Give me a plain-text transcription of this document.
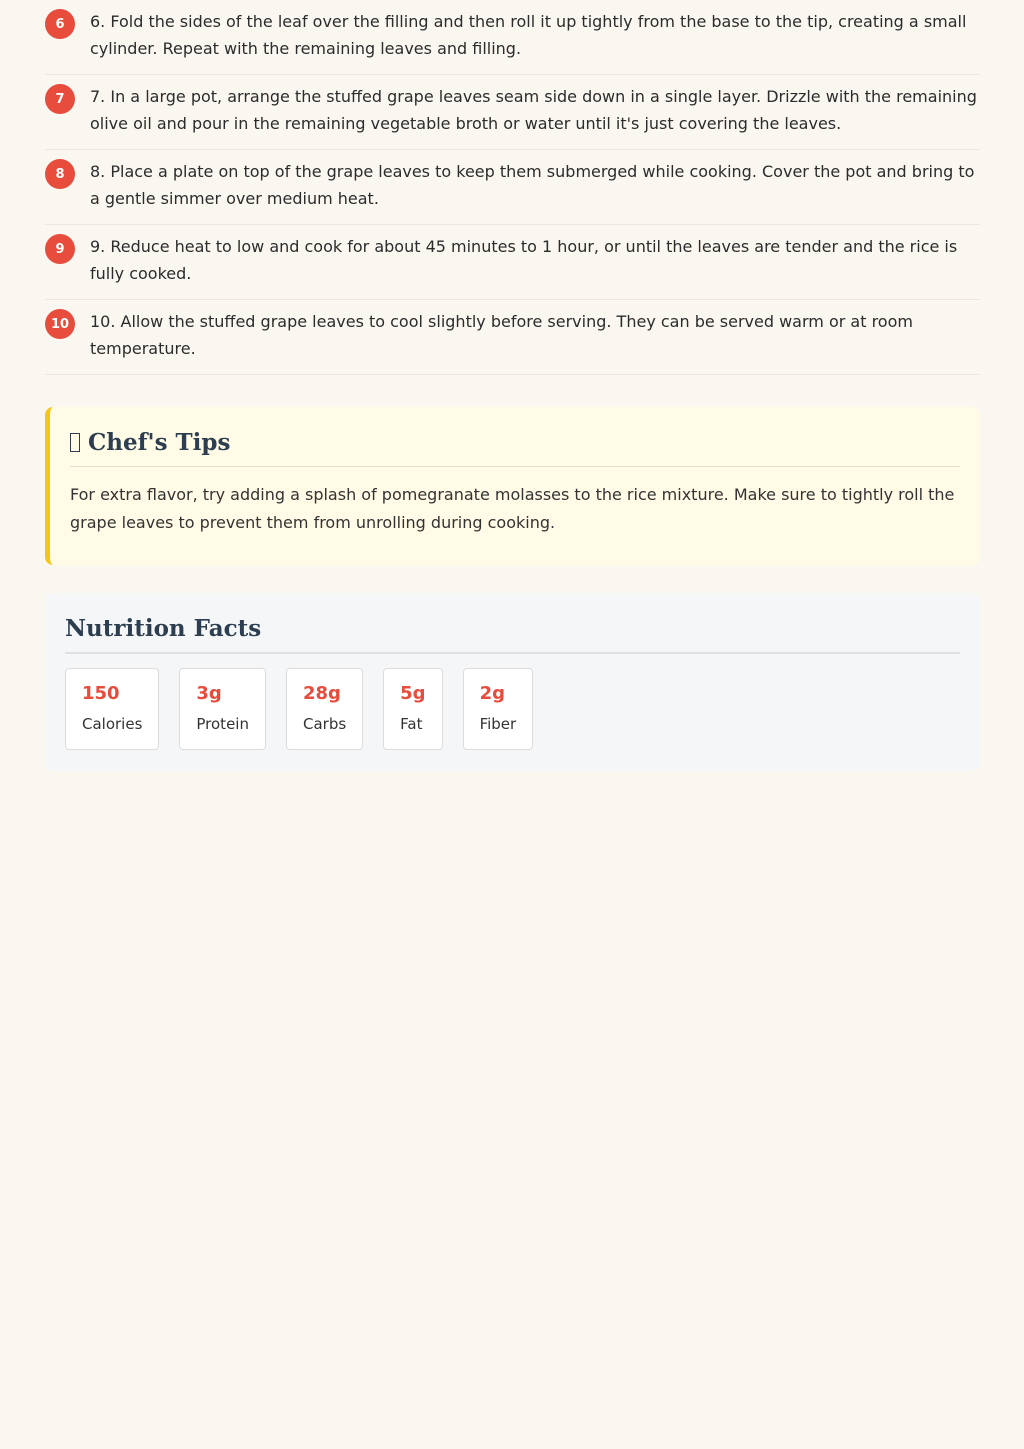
6	6. Fold the sides of the leaf over the filling and then roll it up tightly from the base to the tip, creating a small cylinder. Repeat with the remaining leaves and filling.
7	7. In a large pot, arrange the stuffed grape leaves seam side down in a single layer. Drizzle with the remaining olive oil and pour in the remaining vegetable broth or water until it's just covering the leaves.
8	8. Place a plate on top of the grape leaves to keep them submerged while cooking. Cover the pot and bring to a gentle simmer over medium heat.
9	9. Reduce heat to low and cook for about 45 minutes to 1 hour, or until the leaves are tender and the rice is fully cooked.
10	10. Allow the stuffed grape leaves to cool slightly before serving. They can be served warm or at room temperature.
Chef's Tips

For extra flavor, try adding a splash of pomegranate molasses to the rice mixture. Make sure to tightly roll the grape leaves to prevent them from unrolling during cooking.

Nutrition Facts
150
Calories
3g
Protein
28g
Carbs
5g
Fat
2g
Fiber
